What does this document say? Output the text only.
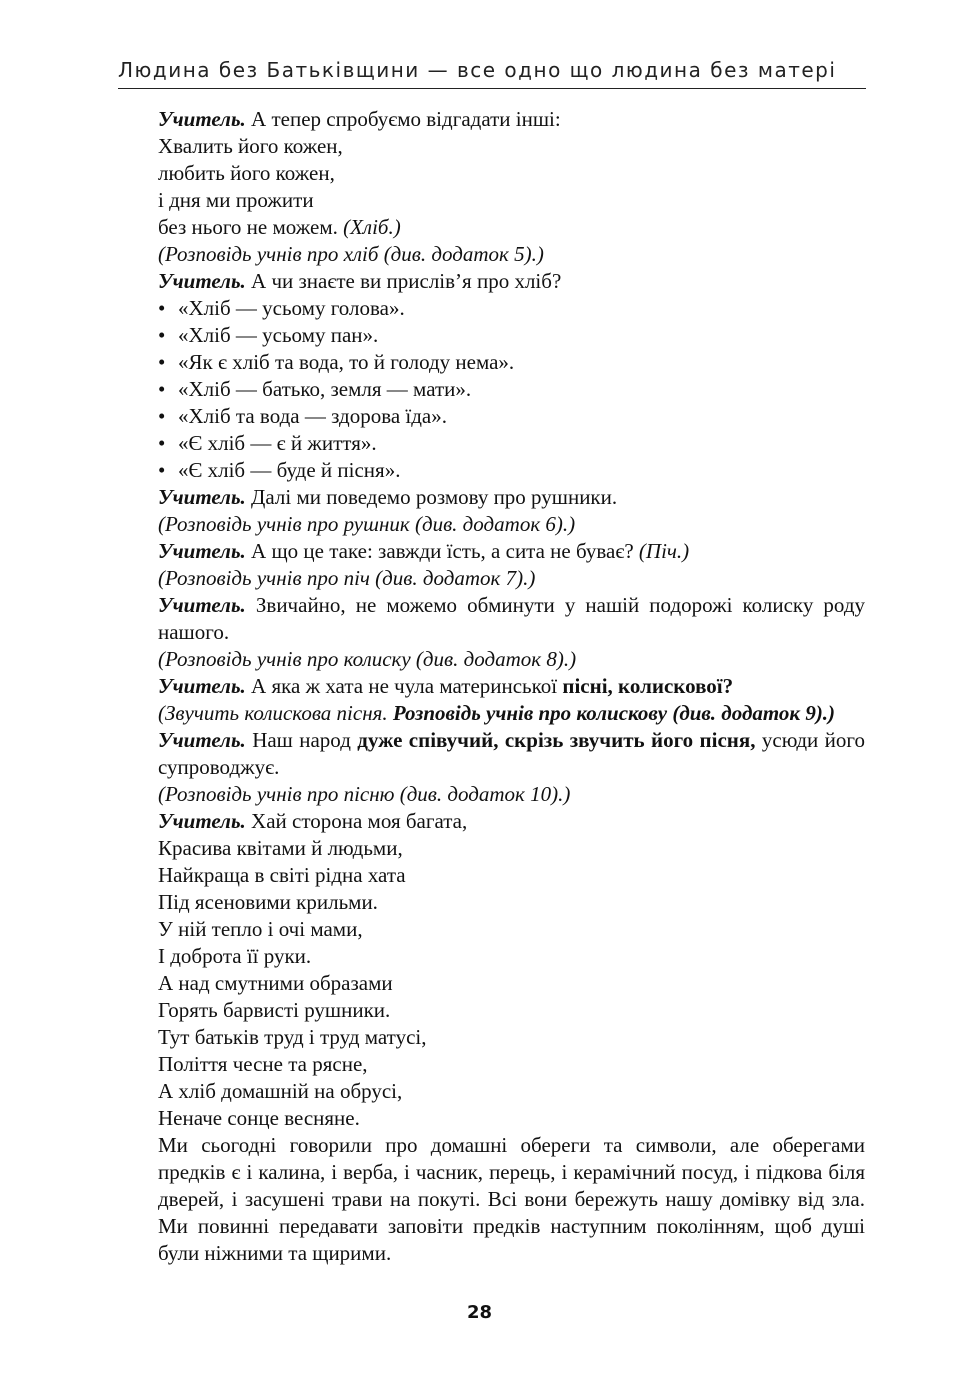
Людина без Батьківщини — все одно що людина без матері

Учитель. А тепер спробуємо відгадати інші:

Хвалить його кожен,

любить його кожен,

і дня ми прожити

без нього не можем. (Хліб.)

(Розповідь учнів про хліб (див. додаток 5).)

Учитель. А чи знаєте ви прислів’я про хліб?

• «Хліб — усьому голова».
• «Хліб — усьому пан».
• «Як є хліб та вода, то й голоду нема».
• «Хліб — батько, земля — мати».
• «Хліб та вода — здорова їда».
• «Є хліб — є й життя».
• «Є хліб — буде й пісня».

Учитель. Далі ми поведемо розмову про рушники.

(Розповідь учнів про рушник (див. додаток 6).)

Учитель. А що це таке: завжди їсть, а сита не буває? (Піч.)

(Розповідь учнів про піч (див. додаток 7).)

Учитель. Звичайно, не можемо обминути у нашій подорожі колиску роду нашого.

(Розповідь учнів про колиску (див. додаток 8).)

Учитель. А яка ж хата не чула материнської пісні, колискової?

(Звучить колискова пісня. Розповідь учнів про колискову (див. додаток 9).)

Учитель. Наш народ дуже співучий, скрізь звучить його пісня, усюди його супроводжує.

(Розповідь учнів про пісню (див. додаток 10).)

Учитель. Хай сторона моя багата,

Красива квітами й людьми,

Найкраща в світі рідна хата

Під ясеновими крильми.

У ній тепло і очі мами,

І доброта її руки.

А над смутними образами

Горять барвисті рушники.

Тут батьків труд і труд матусі,

Поліття чесне та рясне,

А хліб домашній на обрусі,

Неначе сонце весняне.

Ми сьогодні говорили про домашні обереги та символи, але оберегами предків є і калина, і верба, і часник, перець, і керамічний посуд, і підкова біля дверей, і засушені трави на покуті. Всі вони бережуть нашу домівку від зла. Ми повинні передавати заповіти предків наступним поколінням, щоб душі були ніжними та щирими.

28
